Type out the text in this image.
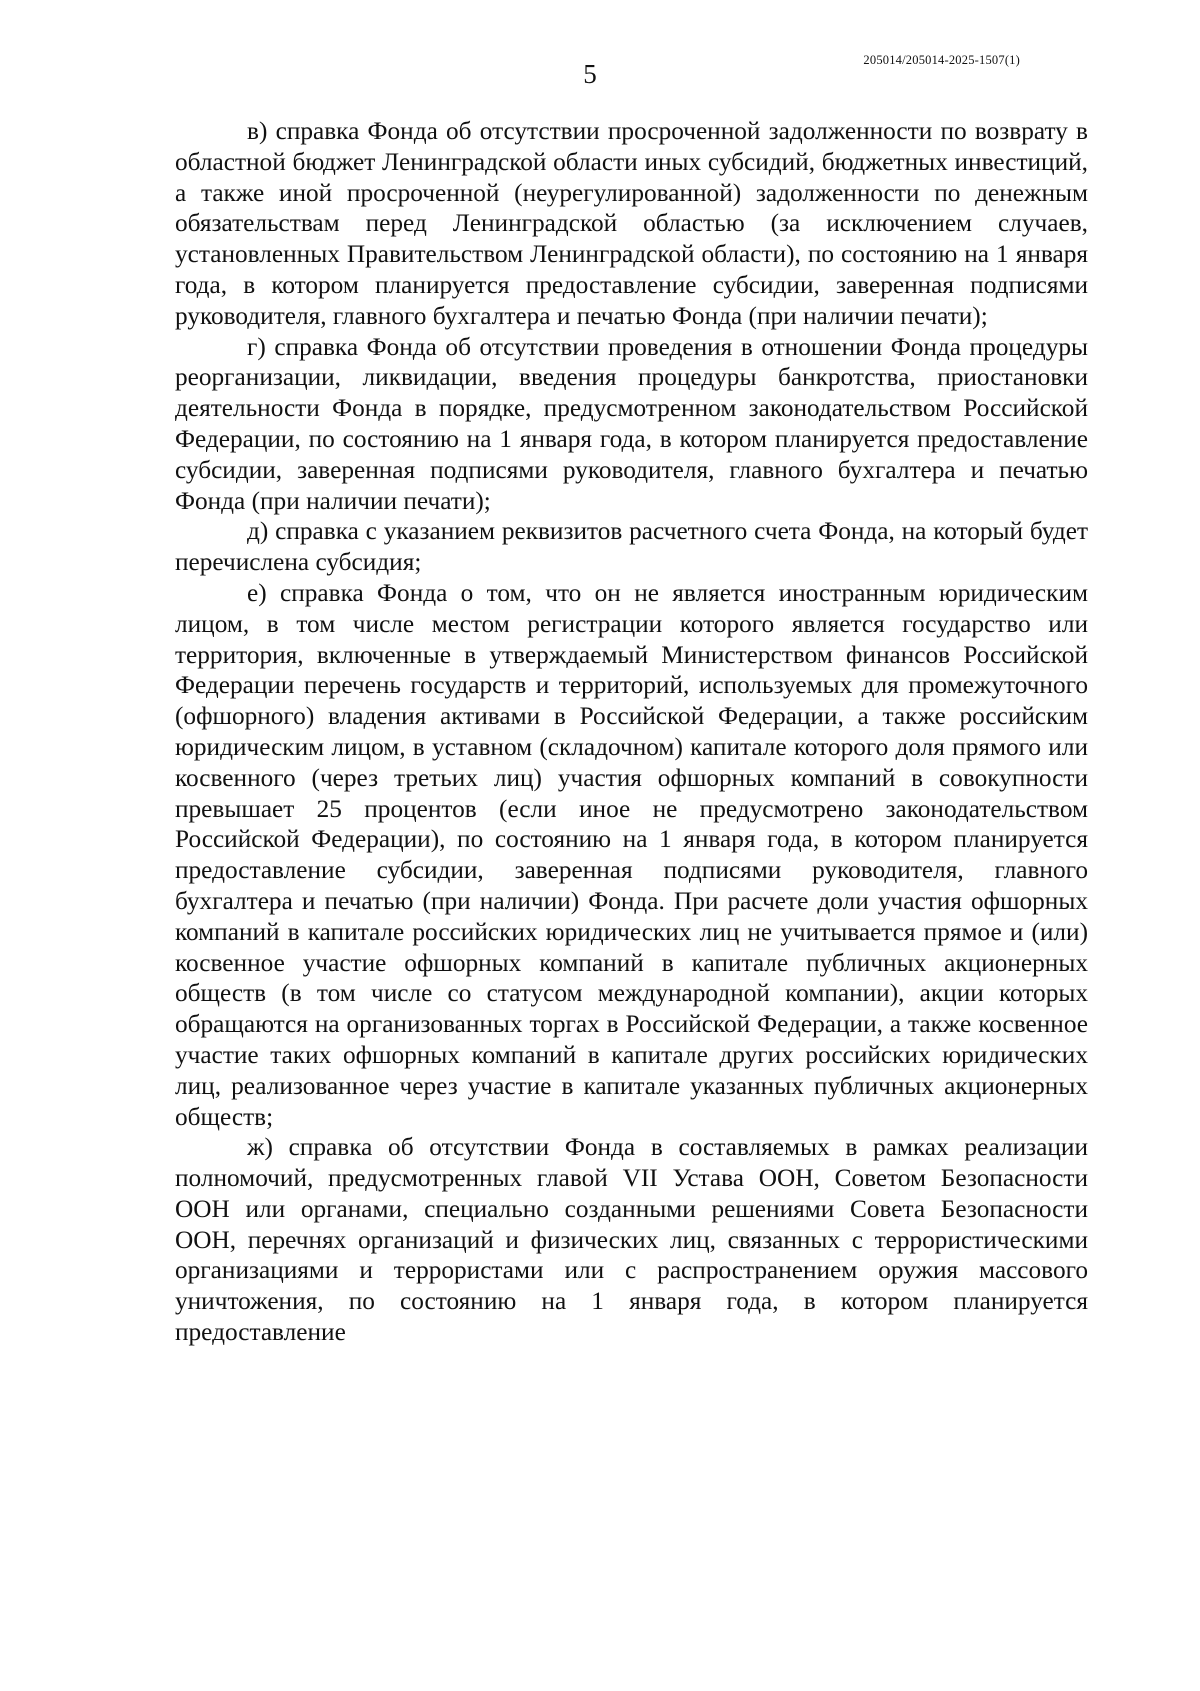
5	205014/205014-2025-1507(1)

в) справка Фонда об отсутствии просроченной задолженности по возврату в областной бюджет Ленинградской области иных субсидий, бюджетных инвестиций, а также иной просроченной (неурегулированной) задолженности по денежным обязательствам перед Ленинградской областью (за исключением случаев, установленных Правительством Ленинградской области), по состоянию на 1 января года, в котором планируется предоставление субсидии, заверенная подписями руководителя, главного бухгалтера и печатью Фонда (при наличии печати);

г) справка Фонда об отсутствии проведения в отношении Фонда процедуры реорганизации, ликвидации, введения процедуры банкротства, приостановки деятельности Фонда в порядке, предусмотренном законодательством Российской Федерации, по состоянию на 1 января года, в котором планируется предоставление субсидии, заверенная подписями руководителя, главного бухгалтера и печатью Фонда (при наличии печати);

д) справка с указанием реквизитов расчетного счета Фонда, на который будет перечислена субсидия;

е) справка Фонда о том, что он не является иностранным юридическим лицом, в том числе местом регистрации которого является государство или территория, включенные в утверждаемый Министерством финансов Российской Федерации перечень государств и территорий, используемых для промежуточного (офшорного) владения активами в Российской Федерации, а также российским юридическим лицом, в уставном (складочном) капитале которого доля прямого или косвенного (через третьих лиц) участия офшорных компаний в совокупности превышает 25 процентов (если иное не предусмотрено законодательством Российской Федерации), по состоянию на 1 января года, в котором планируется предоставление субсидии, заверенная подписями руководителя, главного бухгалтера и печатью (при наличии) Фонда. При расчете доли участия офшорных компаний в капитале российских юридических лиц не учитывается прямое и (или) косвенное участие офшорных компаний в капитале публичных акционерных обществ (в том числе со статусом международной компании), акции которых обращаются на организованных торгах в Российской Федерации, а также косвенное участие таких офшорных компаний в капитале других российских юридических лиц, реализованное через участие в капитале указанных публичных акционерных обществ;

ж) справка об отсутствии Фонда в составляемых в рамках реализации полномочий, предусмотренных главой VII Устава ООН, Советом Безопасности ООН или органами, специально созданными решениями Совета Безопасности ООН, перечнях организаций и физических лиц, связанных с террористическими организациями и террористами или с распространением оружия массового уничтожения, по состоянию на 1 января года, в котором планируется предоставление
